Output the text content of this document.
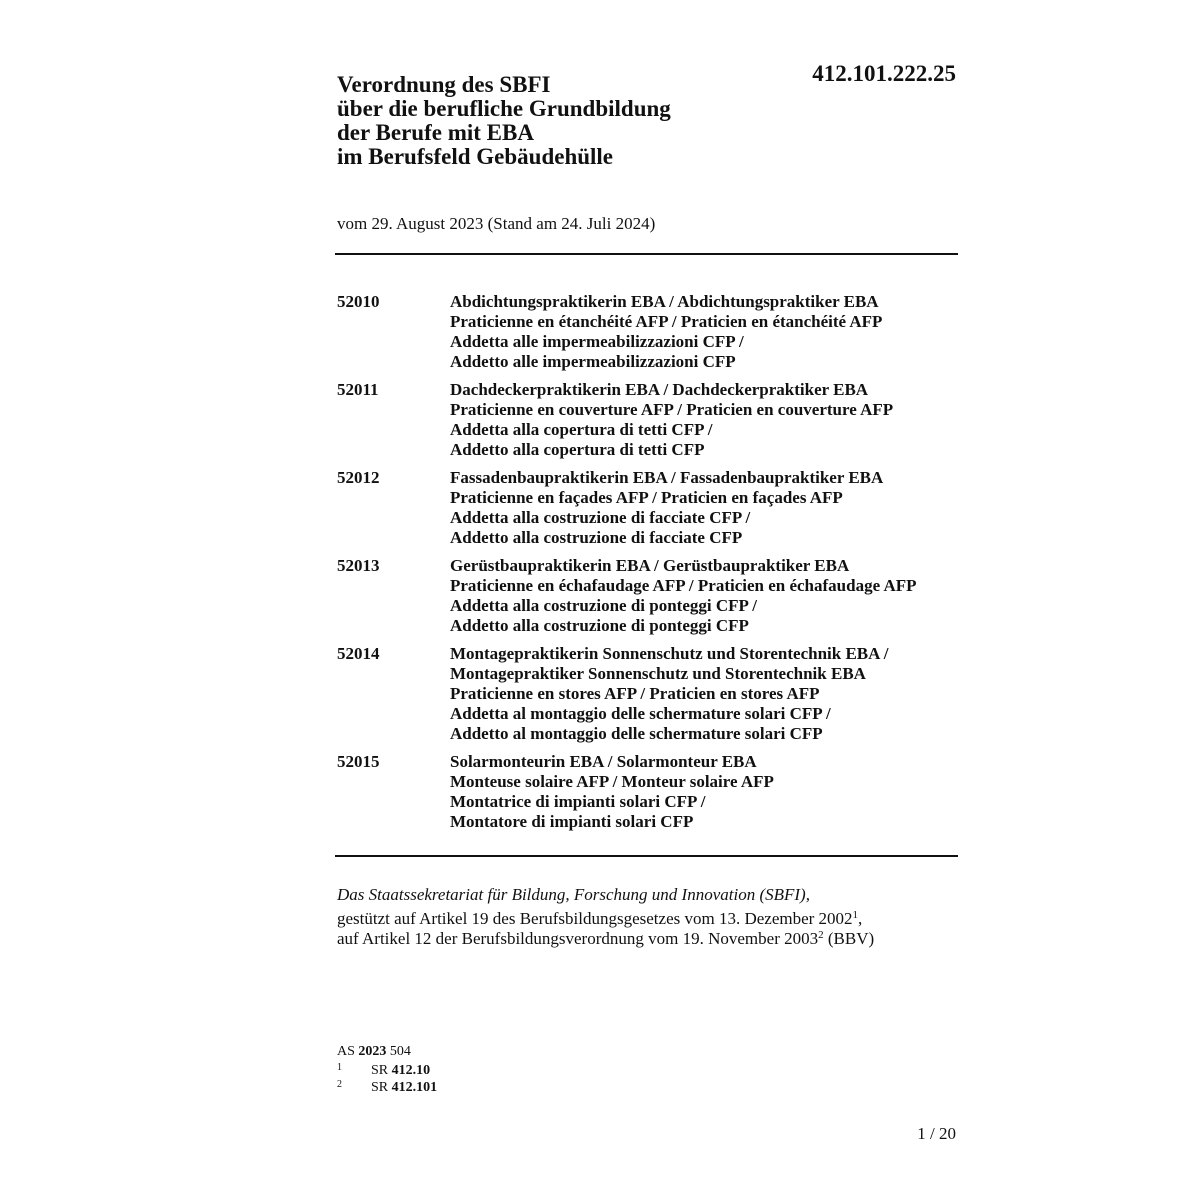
412.101.222.25
Verordnung des SBFI
über die berufliche Grundbildung
der Berufe mit EBA
im Berufsfeld Gebäudehülle
vom 29. August 2023 (Stand am 24. Juli 2024)
52010	Abdichtungspraktikerin EBA / Abdichtungspraktiker EBA
Praticienne en étanchéité AFP / Praticien en étanchéité AFP
Addetta alle impermeabilizzazioni CFP /
Addetto alle impermeabilizzazioni CFP
52011	Dachdeckerpraktikerin EBA / Dachdeckerpraktiker EBA
Praticienne en couverture AFP / Praticien en couverture AFP
Addetta alla copertura di tetti CFP /
Addetto alla copertura di tetti CFP
52012	Fassadenbaupraktikerin EBA / Fassadenbaupraktiker EBA
Praticienne en façades AFP / Praticien en façades AFP
Addetta alla costruzione di facciate CFP /
Addetto alla costruzione di facciate CFP
52013	Gerüstbaupraktikerin EBA / Gerüstbaupraktiker EBA
Praticienne en échafaudage AFP / Praticien en échafaudage AFP
Addetta alla costruzione di ponteggi CFP /
Addetto alla costruzione di ponteggi CFP
52014	Montagepraktikerin Sonnenschutz und Storentechnik EBA /
Montagepraktiker Sonnenschutz und Storentechnik EBA
Praticienne en stores AFP / Praticien en stores AFP
Addetta al montaggio delle schermature solari CFP /
Addetto al montaggio delle schermature solari CFP
52015	Solarmonteurin EBA / Solarmonteur EBA
Monteuse solaire AFP / Monteur solaire AFP
Montatrice di impianti solari CFP /
Montatore di impianti solari CFP
Das Staatssekretariat für Bildung, Forschung und Innovation (SBFI),
gestützt auf Artikel 19 des Berufsbildungsgesetzes vom 13. Dezember 2002$^1$,
auf Artikel 12 der Berufsbildungsverordnung vom 19. November 2003$^2$ (BBV)
AS 2023 504
1	SR 412.10
2	SR 412.101
1 / 20
